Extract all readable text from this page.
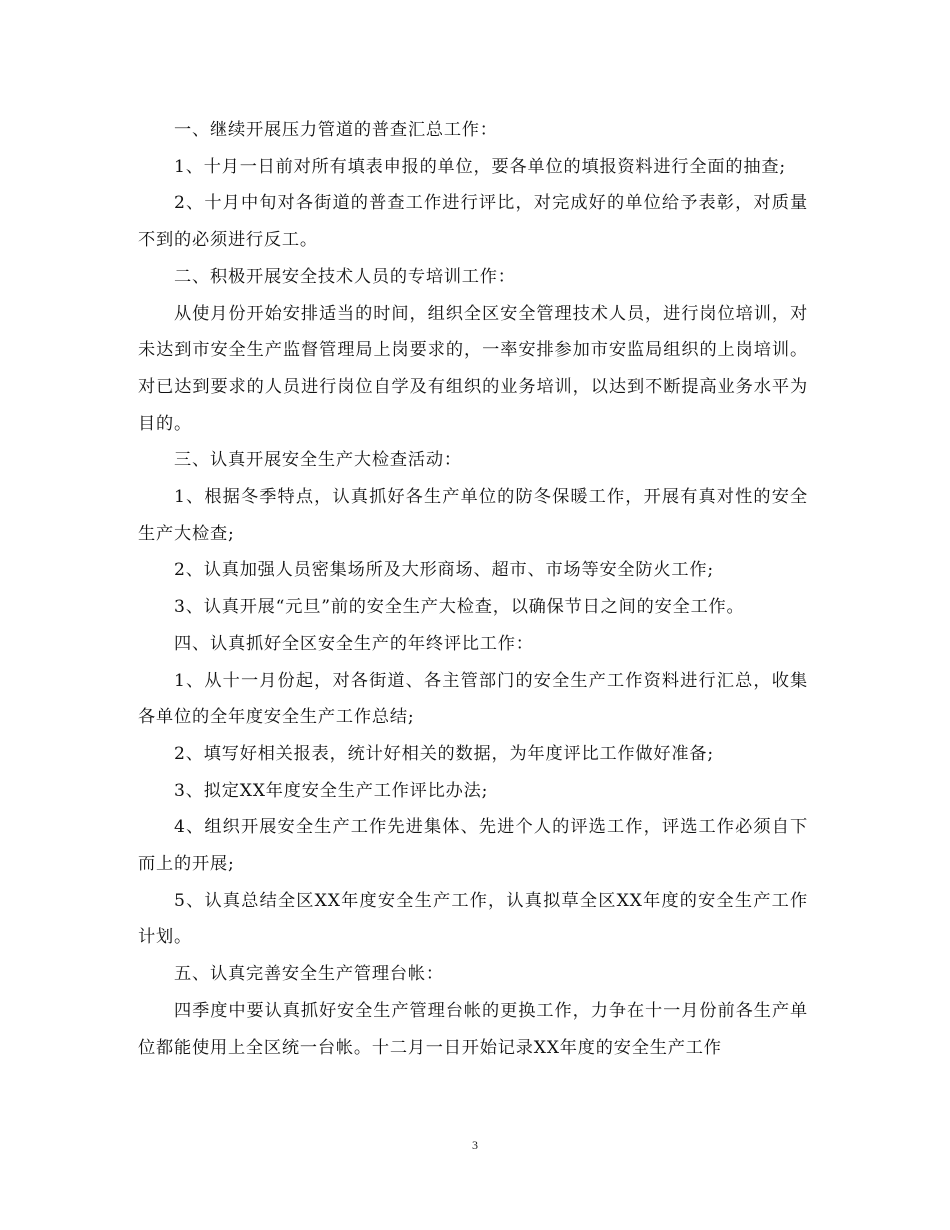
一、继续开展压力管道的普查汇总工作：

1、十月一日前对所有填表申报的单位，要各单位的填报资料进行全面的抽查;

2、十月中旬对各街道的普查工作进行评比，对完成好的单位给予表彰，对质量不到的必须进行反工。

二、积极开展安全技术人员的专培训工作：

从使月份开始安排适当的时间，组织全区安全管理技术人员，进行岗位培训，对未达到市安全生产监督管理局上岗要求的，一率安排参加市安监局组织的上岗培训。对已达到要求的人员进行岗位自学及有组织的业务培训，以达到不断提高业务水平为目的。

三、认真开展安全生产大检查活动：

1、根据冬季特点，认真抓好各生产单位的防冬保暖工作，开展有真对性的安全生产大检查;

2、认真加强人员密集场所及大形商场、超市、市场等安全防火工作;

3、认真开展“元旦”前的安全生产大检查，以确保节日之间的安全工作。

四、认真抓好全区安全生产的年终评比工作：

1、从十一月份起，对各街道、各主管部门的安全生产工作资料进行汇总，收集各单位的全年度安全生产工作总结;

2、填写好相关报表，统计好相关的数据，为年度评比工作做好准备;

3、拟定XX年度安全生产工作评比办法;

4、组织开展安全生产工作先进集体、先进个人的评选工作，评选工作必须自下而上的开展;

5、认真总结全区XX年度安全生产工作，认真拟草全区XX年度的安全生产工作计划。

五、认真完善安全生产管理台帐：

四季度中要认真抓好安全生产管理台帐的更换工作，力争在十一月份前各生产单位都能使用上全区统一台帐。十二月一日开始记录XX年度的安全生产工作

3
